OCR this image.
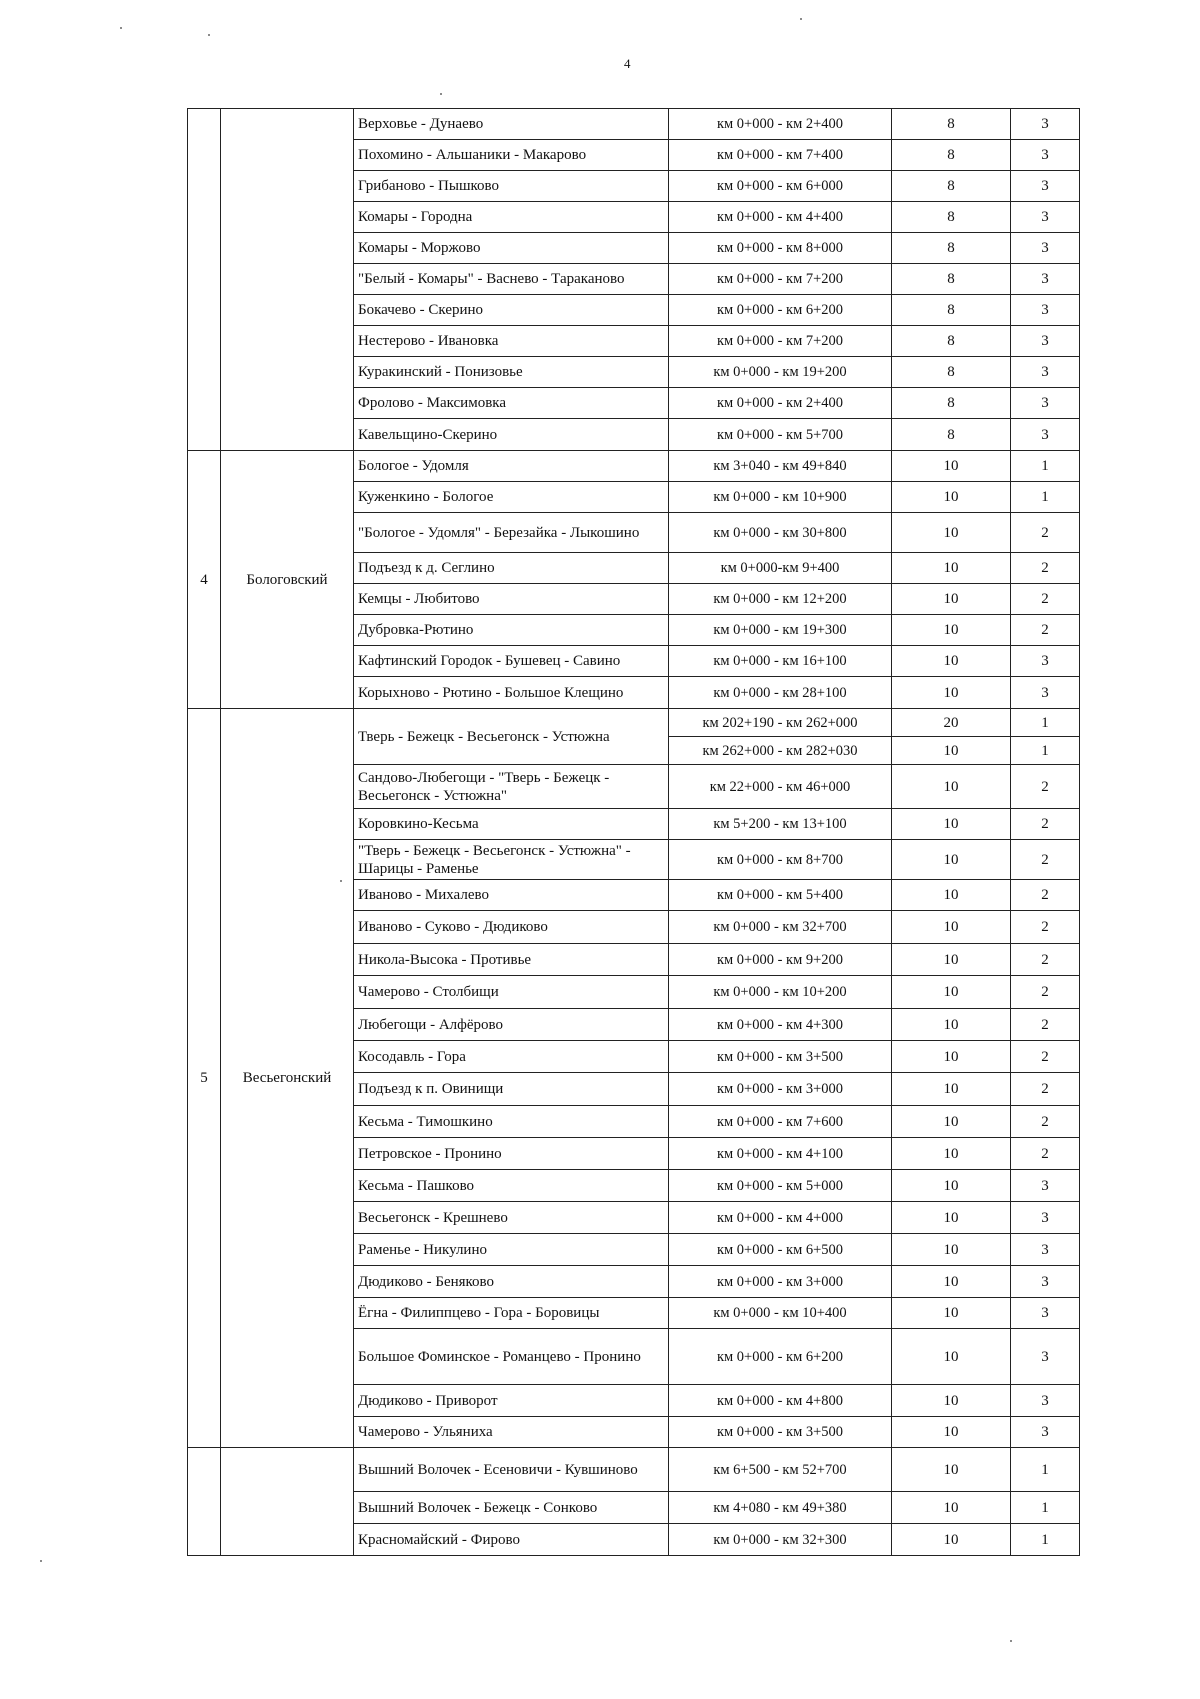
4
		Верховье - Дунаево	км 0+000 - км 2+400	8	3
		Похомино - Альшаники - Макарово	км 0+000 - км 7+400	8	3
		Грибаново - Пышково	км 0+000 - км 6+000	8	3
		Комары - Городна	км 0+000 - км 4+400	8	3
		Комары - Моржово	км 0+000 - км 8+000	8	3
		"Белый - Комары" - Васнево - Тараканово	км 0+000 - км 7+200	8	3
		Бокачево - Скерино	км 0+000 - км 6+200	8	3
		Нестерово - Ивановка	км 0+000 - км 7+200	8	3
		Куракинский - Понизовье	км 0+000 - км 19+200	8	3
		Фролово - Максимовка	км 0+000 - км 2+400	8	3
		Кавельщино-Скерино	км 0+000 - км 5+700	8	3
4	Бологовский	Бологое - Удомля	км 3+040 - км 49+840	10	1
		Куженкино - Бологое	км 0+000 - км 10+900	10	1
		"Бологое - Удомля" - Березайка - Лыкошино	км 0+000 - км 30+800	10	2
		Подъезд к д. Сеглино	км 0+000-км 9+400	10	2
		Кемцы - Любитово	км 0+000 - км 12+200	10	2
		Дубровка-Рютино	км 0+000 - км 19+300	10	2
		Кафтинский Городок - Бушевец - Савино	км 0+000 - км 16+100	10	3
		Корыхново - Рютино - Большое Клещино	км 0+000 - км 28+100	10	3
5	Весьегонский	Тверь - Бежецк - Весьегонск - Устюжна	км 202+190 - км 262+000	20	1
			км 262+000 - км 282+030	10	1
		Сандово-Любегощи - "Тверь - Бежецк - Весьегонск - Устюжна"	км 22+000 - км 46+000	10	2
		Коровкино-Кесьма	км 5+200 - км 13+100	10	2
		"Тверь - Бежецк - Весьегонск - Устюжна" - Шарицы - Раменье	км 0+000 - км 8+700	10	2
		Иваново - Михалево	км 0+000 - км 5+400	10	2
		Иваново - Суково - Дюдиково	км 0+000 - км 32+700	10	2
		Никола-Высока - Противье	км 0+000 - км 9+200	10	2
		Чамерово - Столбищи	км 0+000 - км 10+200	10	2
		Любегощи - Алфёрово	км 0+000 - км 4+300	10	2
		Косодавль - Гора	км 0+000 - км 3+500	10	2
		Подъезд к п. Овинищи	км 0+000 - км 3+000	10	2
		Кесьма - Тимошкино	км 0+000 - км 7+600	10	2
		Петровское - Пронино	км 0+000 - км 4+100	10	2
		Кесьма - Пашково	км 0+000 - км 5+000	10	3
		Весьегонск - Крешнево	км 0+000 - км 4+000	10	3
		Раменье - Никулино	км 0+000 - км 6+500	10	3
		Дюдиково - Беняково	км 0+000 - км 3+000	10	3
		Ёгна - Филиппцево - Гора - Боровицы	км 0+000 - км 10+400	10	3
		Большое Фоминское - Романцево - Пронино	км 0+000 - км 6+200	10	3
		Дюдиково - Приворот	км 0+000 - км 4+800	10	3
		Чамерово - Ульяниха	км 0+000 - км 3+500	10	3
		Вышний Волочек - Есеновичи - Кувшиново	км 6+500 - км 52+700	10	1
		Вышний Волочек - Бежецк - Сонково	км 4+080 - км 49+380	10	1
		Красномайский - Фирово	км 0+000 - км 32+300	10	1
